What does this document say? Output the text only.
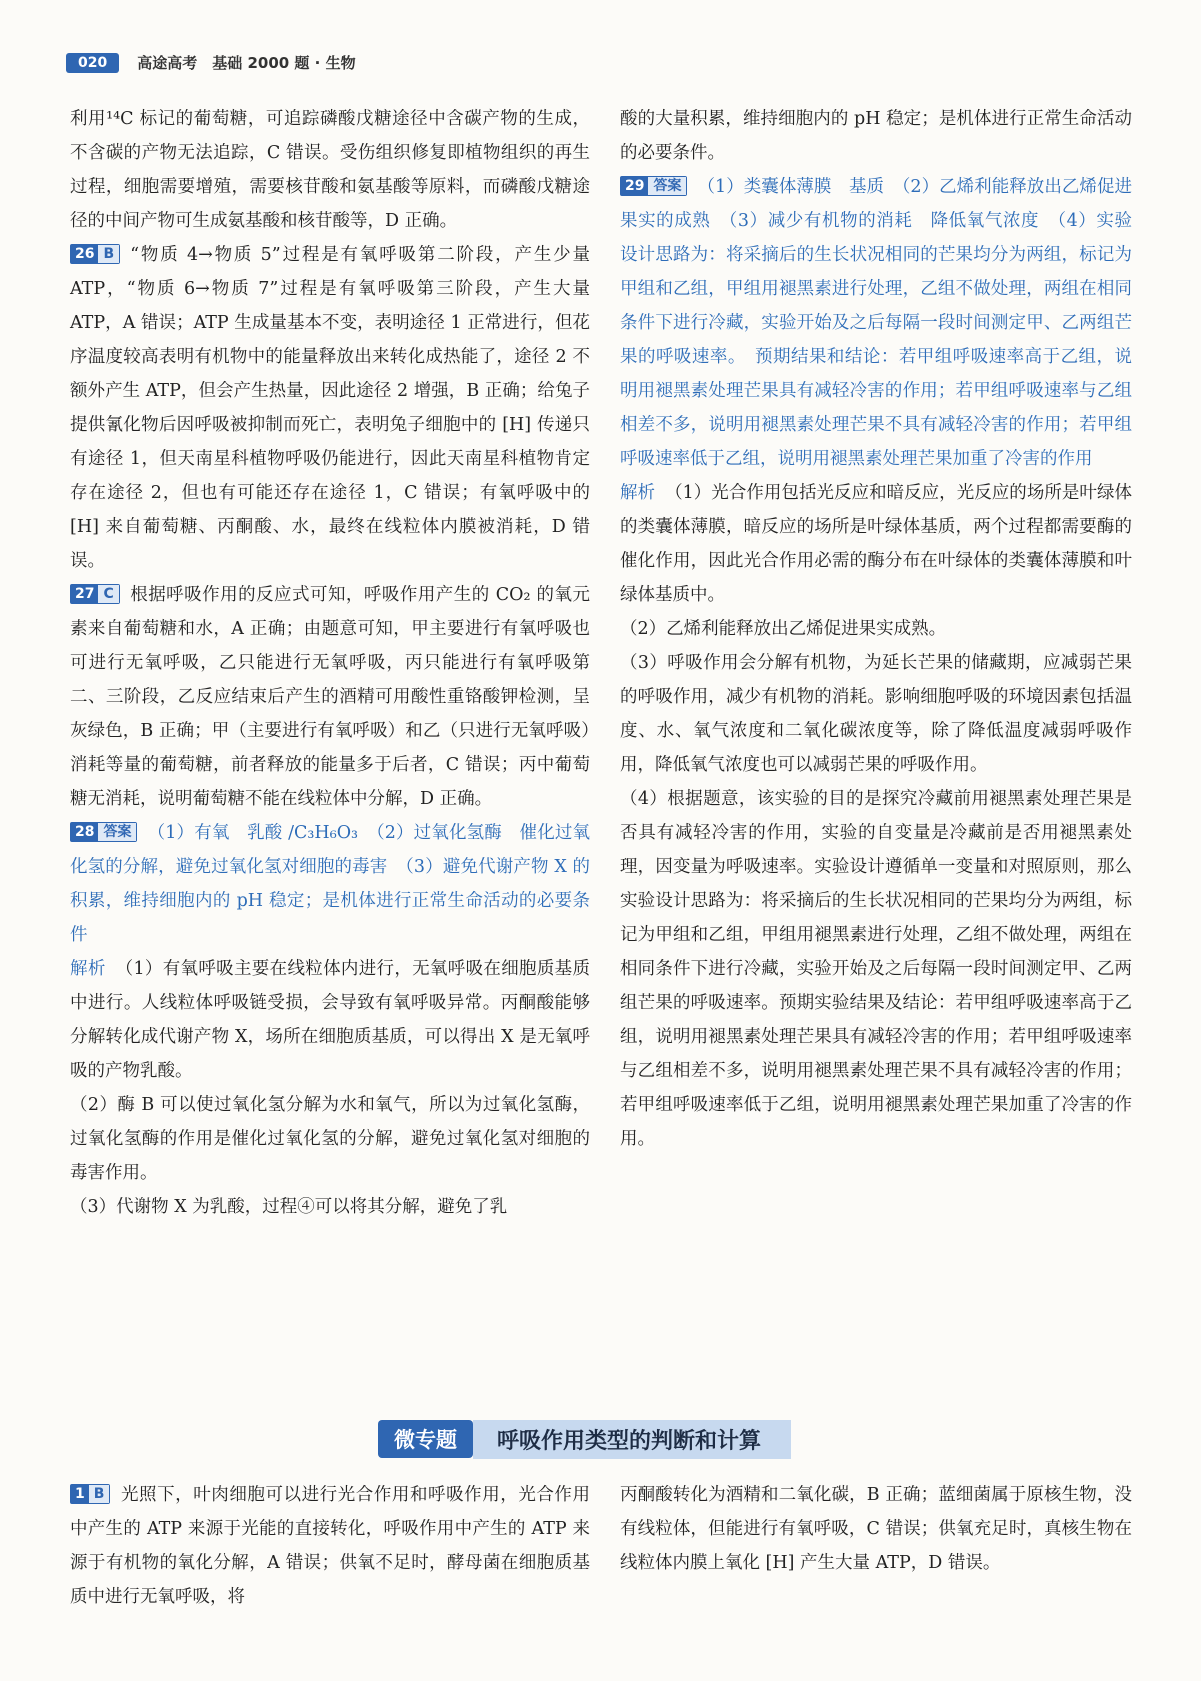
020	高途高考　基础 2000 题 · 生物

利用¹⁴C 标记的葡萄糖，可追踪磷酸戊糖途径中含碳产物的生成，不含碳的产物无法追踪，C 错误。受伤组织修复即植物组织的再生过程，细胞需要增殖，需要核苷酸和氨基酸等原料，而磷酸戊糖途径的中间产物可生成氨基酸和核苷酸等，D 正确。

26 B “物质 4→物质 5”过程是有氧呼吸第二阶段，产生少量 ATP，“物质 6→物质 7”过程是有氧呼吸第三阶段，产生大量 ATP，A 错误；ATP 生成量基本不变，表明途径 1 正常进行，但花序温度较高表明有机物中的能量释放出来转化成热能了，途径 2 不额外产生 ATP，但会产生热量，因此途径 2 增强，B 正确；给兔子提供氰化物后因呼吸被抑制而死亡，表明兔子细胞中的 [H] 传递只有途径 1，但天南星科植物呼吸仍能进行，因此天南星科植物肯定存在途径 2，但也有可能还存在途径 1，C 错误；有氧呼吸中的 [H] 来自葡萄糖、丙酮酸、水，最终在线粒体内膜被消耗，D 错误。

27 C 根据呼吸作用的反应式可知，呼吸作用产生的 CO₂ 的氧元素来自葡萄糖和水，A 正确；由题意可知，甲主要进行有氧呼吸也可进行无氧呼吸，乙只能进行无氧呼吸，丙只能进行有氧呼吸第二、三阶段，乙反应结束后产生的酒精可用酸性重铬酸钾检测，呈灰绿色，B 正确；甲（主要进行有氧呼吸）和乙（只进行无氧呼吸）消耗等量的葡萄糖，前者释放的能量多于后者，C 错误；丙中葡萄糖无消耗，说明葡萄糖不能在线粒体中分解，D 正确。

28 答案 （1）有氧　乳酸 /C₃H₆O₃　（2）过氧化氢酶　催化过氧化氢的分解，避免过氧化氢对细胞的毒害　（3）避免代谢产物 X 的积累，维持细胞内的 pH 稳定；是机体进行正常生命活动的必要条件

解析 （1）有氧呼吸主要在线粒体内进行，无氧呼吸在细胞质基质中进行。人线粒体呼吸链受损，会导致有氧呼吸异常。丙酮酸能够分解转化成代谢产物 X，场所在细胞质基质，可以得出 X 是无氧呼吸的产物乳酸。

（2）酶 B 可以使过氧化氢分解为水和氧气，所以为过氧化氢酶，过氧化氢酶的作用是催化过氧化氢的分解，避免过氧化氢对细胞的毒害作用。

（3）代谢物 X 为乳酸，过程④可以将其分解，避免了乳

酸的大量积累，维持细胞内的 pH 稳定；是机体进行正常生命活动的必要条件。

29 答案 （1）类囊体薄膜　基质　（2）乙烯利能释放出乙烯促进果实的成熟　（3）减少有机物的消耗　降低氧气浓度　（4）实验设计思路为：将采摘后的生长状况相同的芒果均分为两组，标记为甲组和乙组，甲组用褪黑素进行处理，乙组不做处理，两组在相同条件下进行冷藏，实验开始及之后每隔一段时间测定甲、乙两组芒果的呼吸速率。　预期结果和结论：若甲组呼吸速率高于乙组，说明用褪黑素处理芒果具有减轻冷害的作用；若甲组呼吸速率与乙组相差不多，说明用褪黑素处理芒果不具有减轻冷害的作用；若甲组呼吸速率低于乙组，说明用褪黑素处理芒果加重了冷害的作用

解析 （1）光合作用包括光反应和暗反应，光反应的场所是叶绿体的类囊体薄膜，暗反应的场所是叶绿体基质，两个过程都需要酶的催化作用，因此光合作用必需的酶分布在叶绿体的类囊体薄膜和叶绿体基质中。

（2）乙烯利能释放出乙烯促进果实成熟。

（3）呼吸作用会分解有机物，为延长芒果的储藏期，应减弱芒果的呼吸作用，减少有机物的消耗。影响细胞呼吸的环境因素包括温度、水、氧气浓度和二氧化碳浓度等，除了降低温度减弱呼吸作用，降低氧气浓度也可以减弱芒果的呼吸作用。

（4）根据题意，该实验的目的是探究冷藏前用褪黑素处理芒果是否具有减轻冷害的作用，实验的自变量是冷藏前是否用褪黑素处理，因变量为呼吸速率。实验设计遵循单一变量和对照原则，那么实验设计思路为：将采摘后的生长状况相同的芒果均分为两组，标记为甲组和乙组，甲组用褪黑素进行处理，乙组不做处理，两组在相同条件下进行冷藏，实验开始及之后每隔一段时间测定甲、乙两组芒果的呼吸速率。预期实验结果及结论：若甲组呼吸速率高于乙组，说明用褪黑素处理芒果具有减轻冷害的作用；若甲组呼吸速率与乙组相差不多，说明用褪黑素处理芒果不具有减轻冷害的作用；若甲组呼吸速率低于乙组，说明用褪黑素处理芒果加重了冷害的作用。

微专题	呼吸作用类型的判断和计算

1 B 光照下，叶肉细胞可以进行光合作用和呼吸作用，光合作用中产生的 ATP 来源于光能的直接转化，呼吸作用中产生的 ATP 来源于有机物的氧化分解，A 错误；供氧不足时，酵母菌在细胞质基质中进行无氧呼吸，将

丙酮酸转化为酒精和二氧化碳，B 正确；蓝细菌属于原核生物，没有线粒体，但能进行有氧呼吸，C 错误；供氧充足时，真核生物在线粒体内膜上氧化 [H] 产生大量 ATP，D 错误。
